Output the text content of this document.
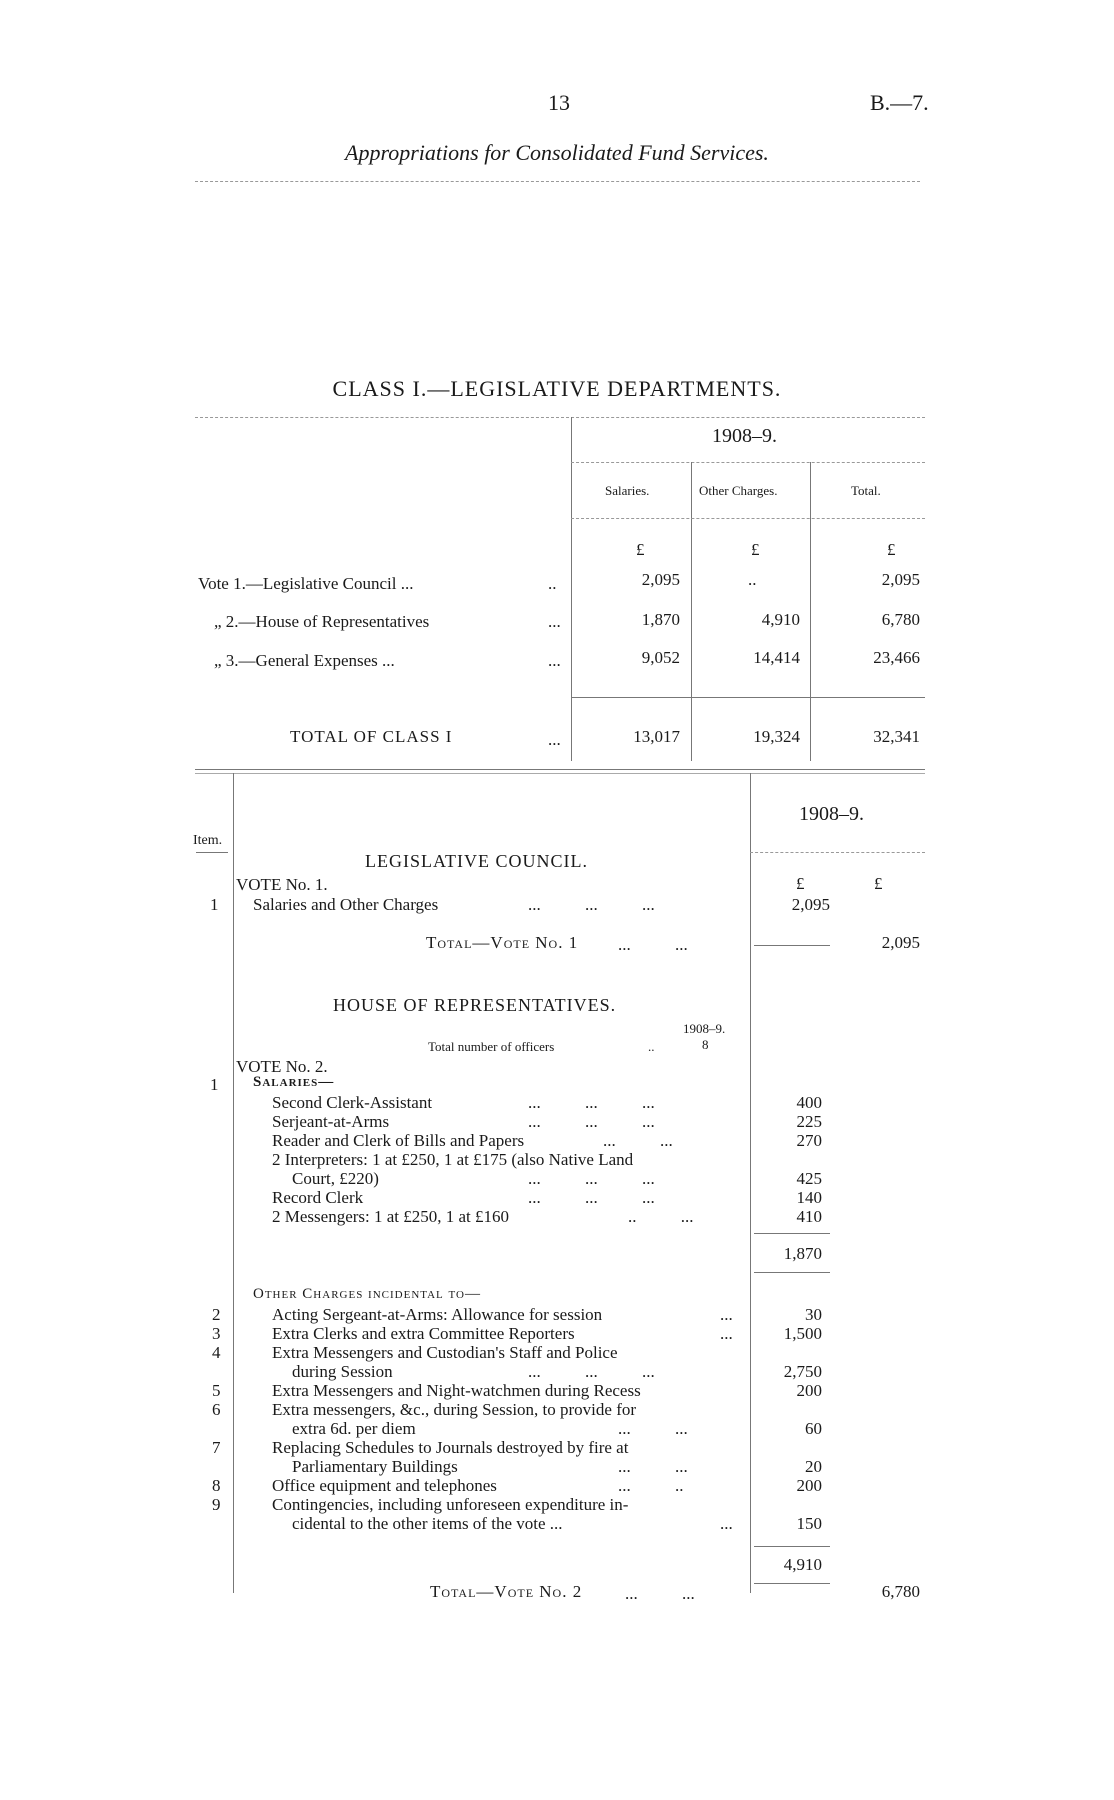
13	B.—7.
Appropriations for Consolidated Fund Services.
CLASS I.—LEGISLATIVE DEPARTMENTS.
1908–9.
Salaries.	Other Charges.	Total.
£	£	£
Vote 1.—Legislative Council ...	..	2,095	..	2,095
„ 2.—House of Representatives	...	1,870	4,910	6,780
„ 3.—General Expenses ...	...	9,052	14,414	23,466
TOTAL OF CLASS I	...	13,017	19,324	32,341
1908–9.
Item.
LEGISLATIVE COUNCIL.
VOTE No. 1.	£	£
1 Salaries and Other Charges	... ... ...	2,095
Total—Vote No. 1 ... ...	2,095
HOUSE OF REPRESENTATIVES.
1908–9.
Total number of officers	..	8
VOTE No. 2.
1 Salaries—
Second Clerk-Assistant	... ... ...	400
Serjeant-at-Arms	... ... ...	225
Reader and Clerk of Bills and Papers	... ...	270
2 Interpreters: 1 at £250, 1 at £175 (also Native Land
Court, £220)	... ... ...	425
Record Clerk	... ... ...	140
2 Messengers: 1 at £250, 1 at £160	.. ...	410
1,870
Other Charges incidental to—
2	Acting Sergeant-at-Arms: Allowance for session	...	30
3	Extra Clerks and extra Committee Reporters	...	1,500
4	Extra Messengers and Custodian's Staff and Police
during Session	... ... ...	2,750
5	Extra Messengers and Night-watchmen during Recess	200
6	Extra messengers, &c., during Session, to provide for
extra 6d. per diem	... ...	60
7	Replacing Schedules to Journals destroyed by fire at
Parliamentary Buildings	... ...	20
8	Office equipment and telephones	... ..	200
9	Contingencies, including unforeseen expenditure in-
cidental to the other items of the vote ...	...	150
4,910
Total—Vote No. 2	... ...	6,780
